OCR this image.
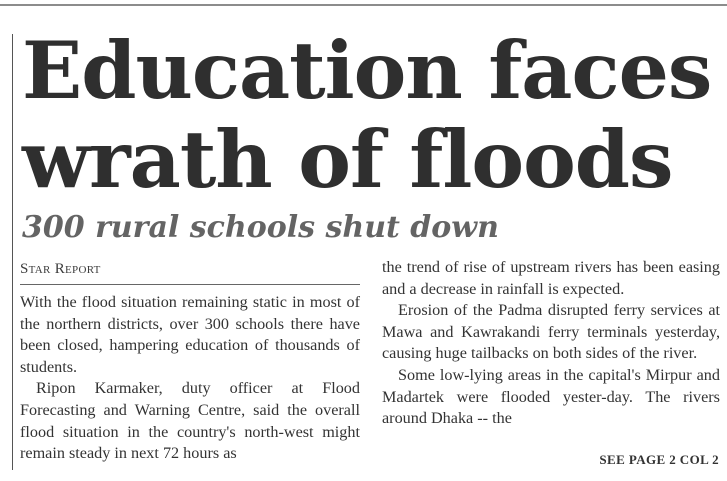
Education faces
wrath of floods
300 rural schools shut down
Star Report

With the flood situation remaining static in most of the northern districts, over 300 schools there have been closed, hampering education of thousands of students.

Ripon Karmaker, duty officer at Flood Forecasting and Warning Centre, said the overall flood situation in the country's north-west might remain steady in next 72 hours as

the trend of rise of upstream rivers has been easing and a decrease in rainfall is expected.

Erosion of the Padma disrupted ferry services at Mawa and Kawrakandi ferry terminals yesterday, causing huge tailbacks on both sides of the river.

Some low-lying areas in the capital's Mirpur and Madartek were flooded yester-day. The rivers around Dhaka -- the

SEE PAGE 2 COL 2
